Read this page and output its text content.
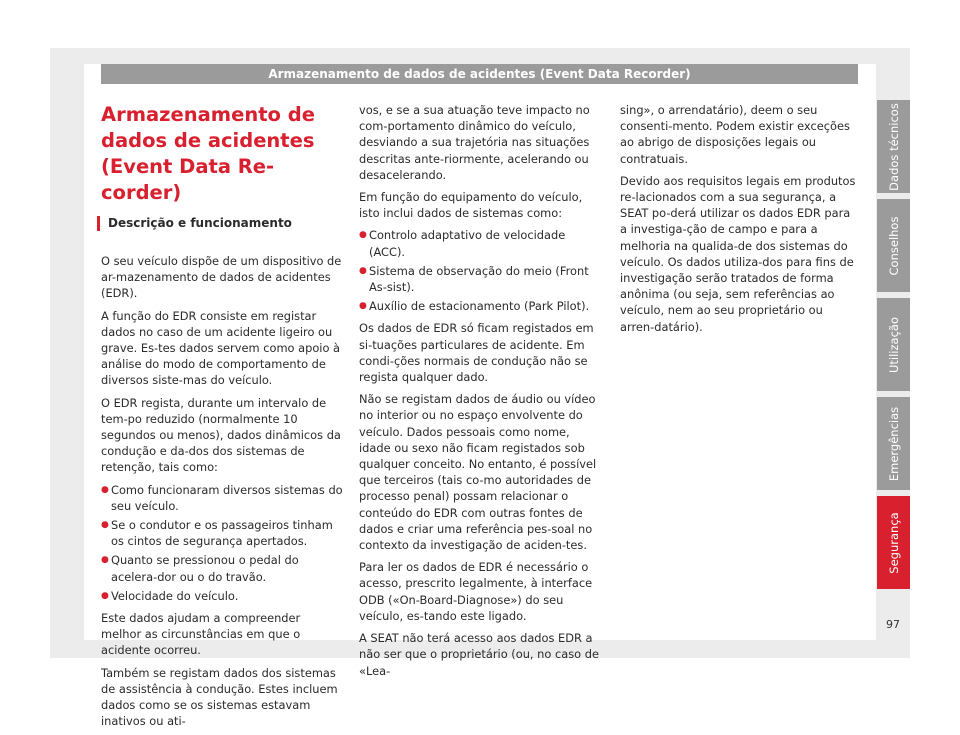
Armazenamento de dados de acidentes (Event Data Recorder)
Armazenamento de dados de acidentes (Event Data Re-corder)
Descrição e funcionamento

O seu veículo dispõe de um dispositivo de ar-mazenamento de dados de acidentes (EDR).

A função do EDR consiste em registar dados no caso de um acidente ligeiro ou grave. Es-tes dados servem como apoio à análise do modo de comportamento de diversos siste-mas do veículo.

O EDR regista, durante um intervalo de tem-po reduzido (normalmente 10 segundos ou menos), dados dinâmicos da condução e da-dos dos sistemas de retenção, tais como:

● Como funcionaram diversos sistemas do seu veículo.
● Se o condutor e os passageiros tinham os cintos de segurança apertados.
● Quanto se pressionou o pedal do acelera-dor ou o do travão.
● Velocidade do veículo.

Este dados ajudam a compreender melhor as circunstâncias em que o acidente ocorreu.

Também se registam dados dos sistemas de assistência à condução. Estes incluem dados como se os sistemas estavam inativos ou ati-

vos, e se a sua atuação teve impacto no com-portamento dinâmico do veículo, desviando a sua trajetória nas situações descritas ante-riormente, acelerando ou desacelerando.

Em função do equipamento do veículo, isto inclui dados de sistemas como:

● Controlo adaptativo de velocidade (ACC).
● Sistema de observação do meio (Front As-sist).
● Auxílio de estacionamento (Park Pilot).

Os dados de EDR só ficam registados em si-tuações particulares de acidente. Em condi-ções normais de condução não se regista qualquer dado.

Não se registam dados de áudio ou vídeo no interior ou no espaço envolvente do veículo. Dados pessoais como nome, idade ou sexo não ficam registados sob qualquer conceito. No entanto, é possível que terceiros (tais co-mo autoridades de processo penal) possam relacionar o conteúdo do EDR com outras fontes de dados e criar uma referência pes-soal no contexto da investigação de aciden-tes.

Para ler os dados de EDR é necessário o acesso, prescrito legalmente, à interface ODB («On-Board-Diagnose») do seu veículo, es-tando este ligado.

A SEAT não terá acesso aos dados EDR a não ser que o proprietário (ou, no caso de «Lea-

sing», o arrendatário), deem o seu consenti-mento. Podem existir exceções ao abrigo de disposições legais ou contratuais.

Devido aos requisitos legais em produtos re-lacionados com a sua segurança, a SEAT po-derá utilizar os dados EDR para a investiga-ção de campo e para a melhoria na qualida-de dos sistemas do veículo. Os dados utiliza-dos para fins de investigação serão tratados de forma anônima (ou seja, sem referências ao veículo, nem ao seu proprietário ou arren-datário).

Dados técnicos
Conselhos
Utilização
Emergências
Segurança
97
